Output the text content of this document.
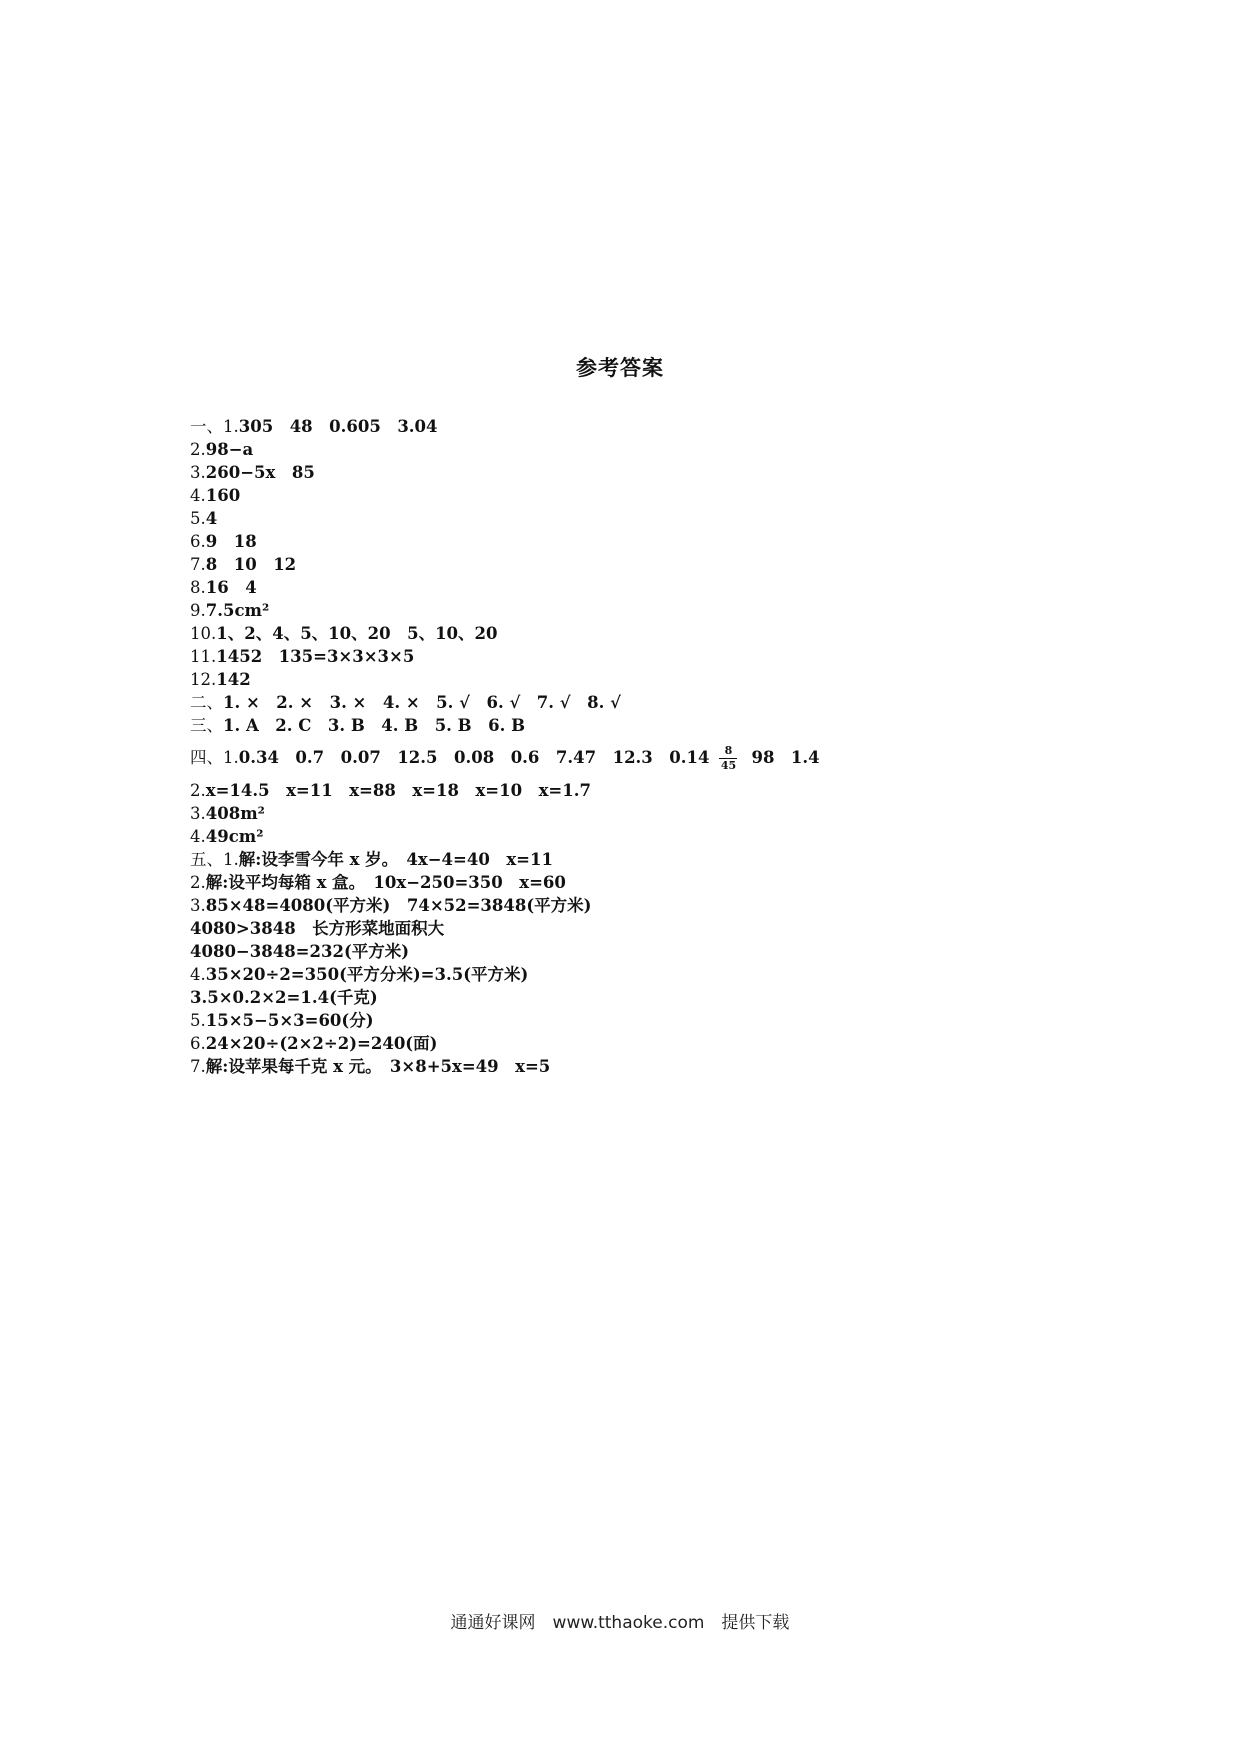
参考答案
一、1.305　48　0.605　3.04
2.98−a
3.260−5x　85
4.160
5.4
6.9　18
7.8　10　12
8.16　4
9.7.5cm²
10.1、2、4、5、10、20　5、10、20
11.1452　135=3×3×3×5
12.142
二、1. ×　2. ×　3. ×　4. ×　5. √　6. √　7. √　8. √
三、1. A　2. C　3. B　4. B　5. B　6. B
四、1.0.34　0.7　0.07　12.5　0.08　0.6　7.47　12.3　$0.14 \frac{8}{45} 98$　1.4
2.x=14.5　x=11　x=88　x=18　x=10　x=1.7
3.408m²
4.49cm²
五、1.解:设李雪今年 x 岁。　4x−4=40　x=11
2.解:设平均每箱 x 盒。　10x−250=350　x=60
3.85×48=4080(平方米)　74×52=3848(平方米)
4080>3848　长方形菜地面积大
4080−3848=232(平方米)
4.35×20÷2=350(平方分米)=3.5(平方米)
3.5×0.2×2=1.4(千克)
5.15×5−5×3=60(分)
6.24×20÷(2×2÷2)=240(面)
7.解:设苹果每千克 x 元。　3×8+5x=49　x=5
通通好课网　www.tthaoke.com　提供下载
